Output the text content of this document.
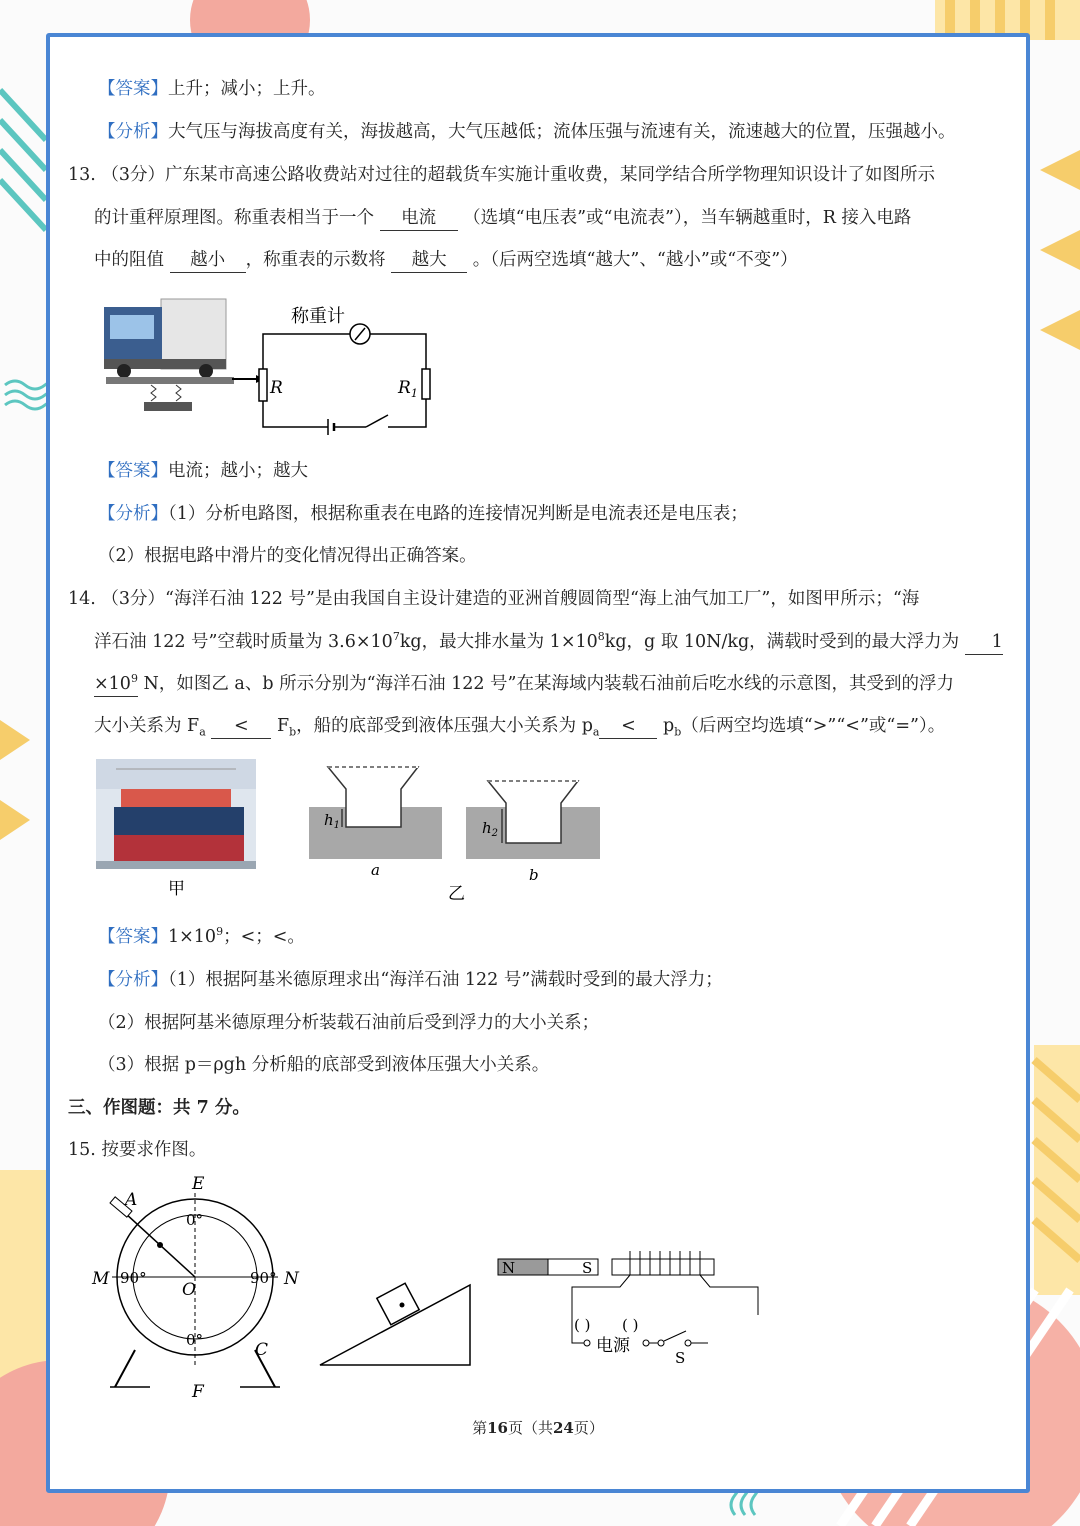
【答案】上升；减小；上升。
【分析】大气压与海拔高度有关，海拔越高，大气压越低；流体压强与流速有关，流速越大的位置，压强越小。
13. （3分）广东某市高速公路收费站对过往的超载货车实施计重收费，某同学结合所学物理知识设计了如图所示
的计重秤原理图。称重表相当于一个 电流 （选填“电压表”或“电流表”），当车辆越重时，R 接入电路
中的阻值 越小 ，称重表的示数将 越大 。（后两空选填“越大”、“越小”或“不变”）
R
称重计
$R_1$
【答案】电流；越小；越大
【分析】（1）分析电路图，根据称重表在电路的连接情况判断是电流表还是电压表；
（2）根据电路中滑片的变化情况得出正确答案。
14. （3分）“海洋石油 122 号”是由我国自主设计建造的亚洲首艘圆筒型“海上油气加工厂”，如图甲所示；“海
洋石油 122 号”空载时质量为 $3.6\times 10^7kg$，最大排水量为 $1\times 10^8kg$，g 取 10N/kg，满载时受到的最大浮力为 1
$\times 10^9$ N，如图乙 a、b 所示分别为“海洋石油 122 号”在某海域内装载石油前后吃水线的示意图，其受到的浮力
大小关系为 $F_a < F_b$，船的底部受到液体压强大小关系为 $p_a < p_b$（后两空均选填“>”“<”或“=”）。
甲
$h_1$
a
$h_2$
b
乙
【答案】$1\times 10^9$；<；<。
【分析】（1）根据阿基米德原理求出“海洋石油 122 号”满载时受到的最大浮力；
（2）根据阿基米德原理分析装载石油前后受到浮力的大小关系；
（3）根据 p＝ρgh 分析船的底部受到液体压强大小关系。
三、作图题：共 7 分。
15. 按要求作图。
E
A
M	N
C
F
O
0°
0°
90°	90°
N	S
( ) ( )
电源
S
第16页（共24页）
